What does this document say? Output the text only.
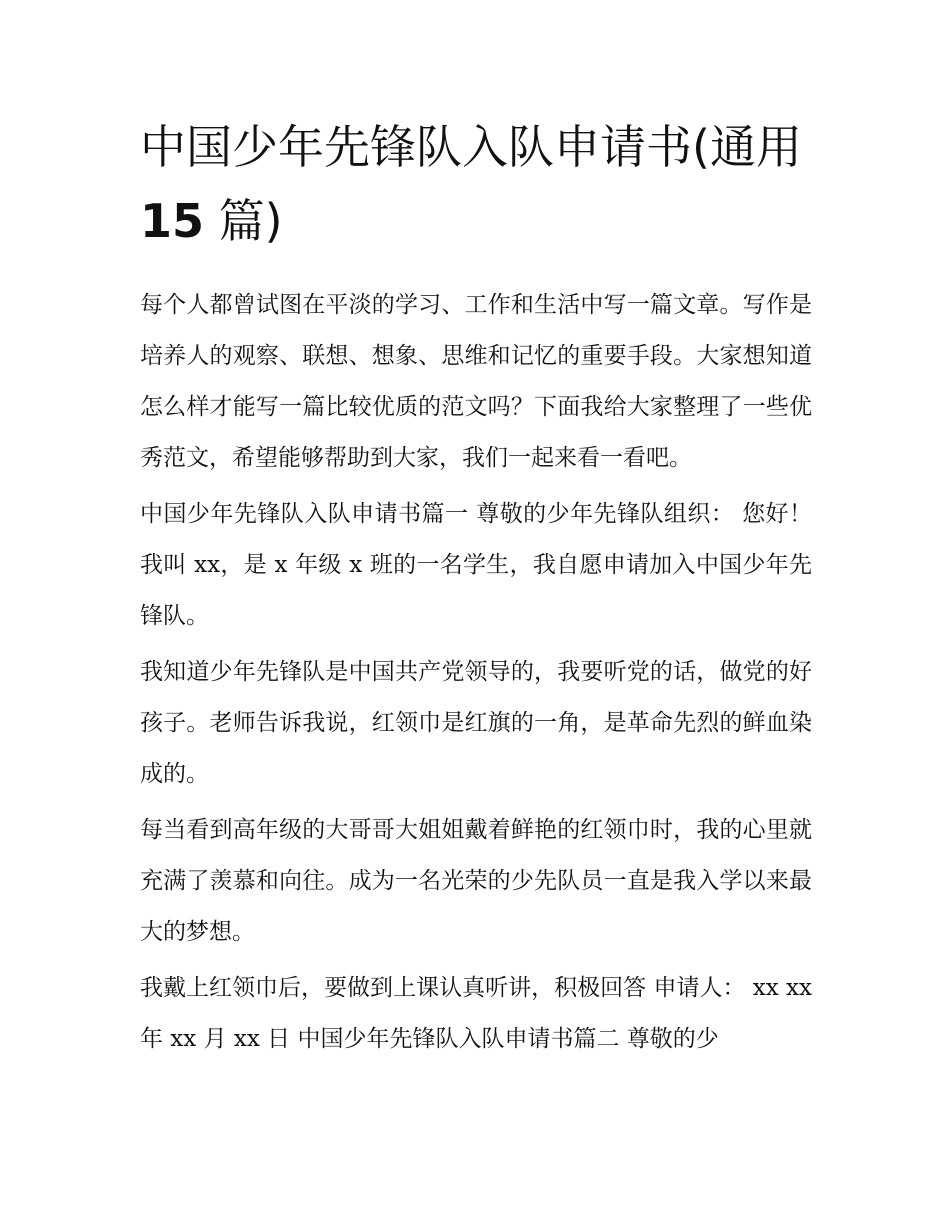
中国少年先锋队入队申请书(通用 15 篇)

每个人都曾试图在平淡的学习、工作和生活中写一篇文章。写作是培养人的观察、联想、想象、思维和记忆的重要手段。大家想知道怎么样才能写一篇比较优质的范文吗？下面我给大家整理了一些优秀范文，希望能够帮助到大家，我们一起来看一看吧。

中国少年先锋队入队申请书篇一 尊敬的少年先锋队组织： 您好！ 我叫 xx，是 x 年级 x 班的一名学生，我自愿申请加入中国少年先锋队。

我知道少年先锋队是中国共产党领导的，我要听党的话，做党的好孩子。老师告诉我说，红领巾是红旗的一角，是革命先烈的鲜血染成的。

每当看到高年级的大哥哥大姐姐戴着鲜艳的红领巾时，我的心里就充满了羡慕和向往。成为一名光荣的少先队员一直是我入学以来最大的梦想。

我戴上红领巾后，要做到上课认真听讲，积极回答 申请人： xx xx 年 xx 月 xx 日 中国少年先锋队入队申请书篇二 尊敬的少
